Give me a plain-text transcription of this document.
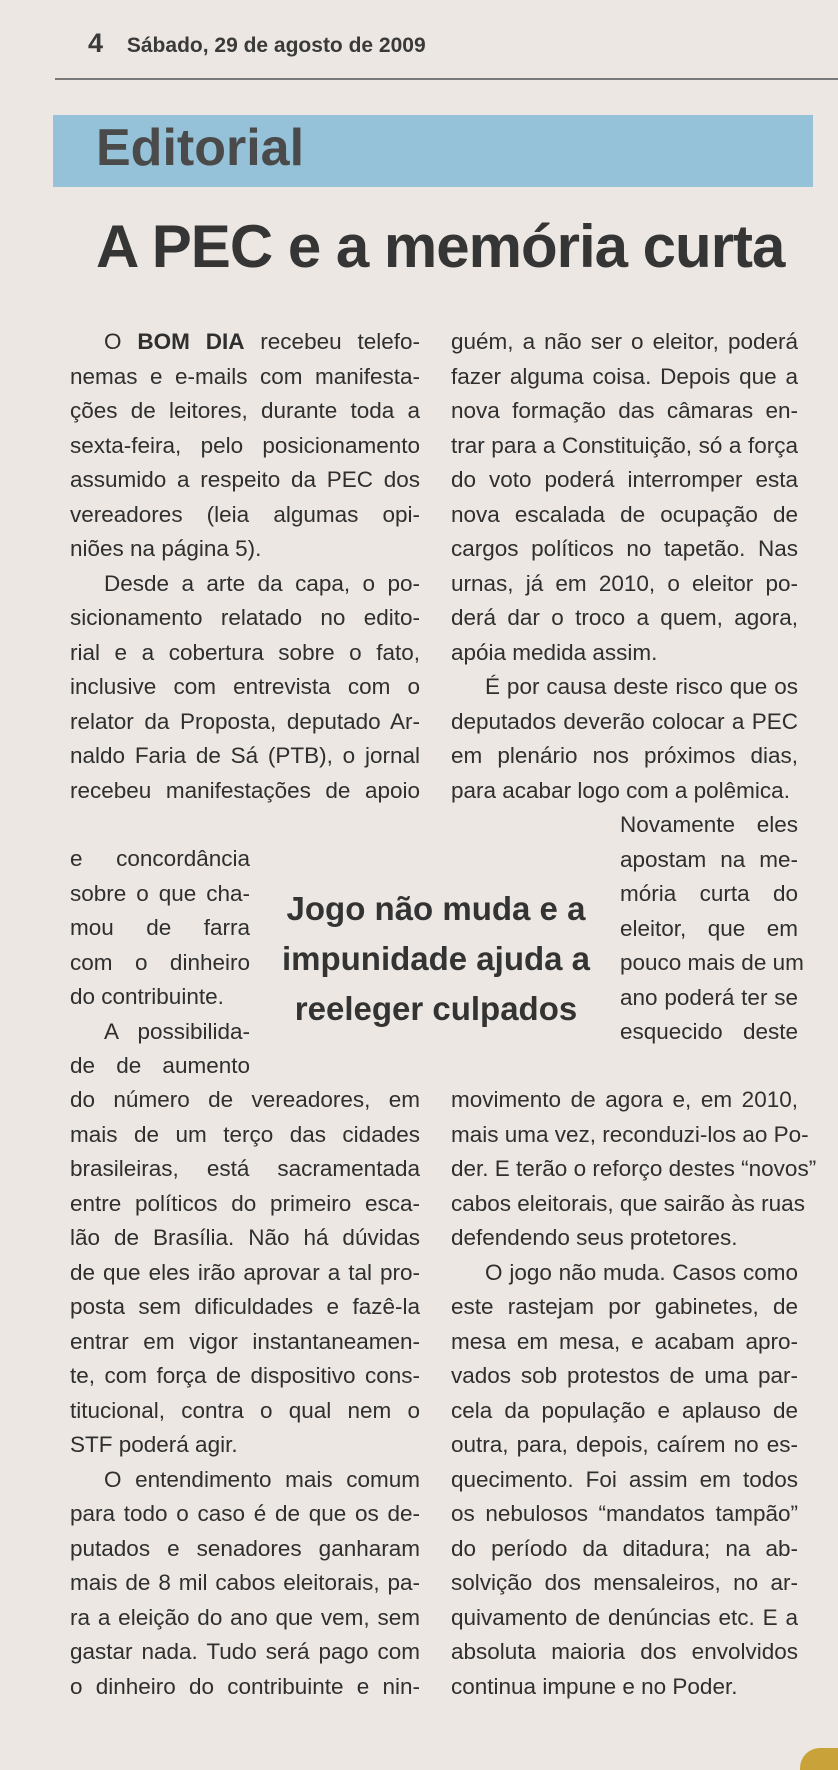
4 Sábado, 29 de agosto de 2009
Editorial
A PEC e a memória curta
O BOM DIA recebeu telefo-
nemas e e-mails com manifesta-
ções de leitores, durante toda a
sexta-feira, pelo posicionamento
assumido a respeito da PEC dos
vereadores (leia algumas opi-
niões na página 5).
Desde a arte da capa, o po-
sicionamento relatado no edito-
rial e a cobertura sobre o fato,
inclusive com entrevista com o
relator da Proposta, deputado Ar-
naldo Faria de Sá (PTB), o jornal
recebeu manifestações de apoio
e concordância
sobre o que cha-
mou de farra
com o dinheiro
do contribuinte.
A possibilida-
de de aumento
do número de vereadores, em
mais de um terço das cidades
brasileiras, está sacramentada
entre políticos do primeiro esca-
lão de Brasília. Não há dúvidas
de que eles irão aprovar a tal pro-
posta sem dificuldades e fazê-la
entrar em vigor instantaneamen-
te, com força de dispositivo cons-
titucional, contra o qual nem o
STF poderá agir.
O entendimento mais comum
para todo o caso é de que os de-
putados e senadores ganharam
mais de 8 mil cabos eleitorais, pa-
ra a eleição do ano que vem, sem
gastar nada. Tudo será pago com
o dinheiro do contribuinte e nin-
guém, a não ser o eleitor, poderá
fazer alguma coisa. Depois que a
nova formação das câmaras en-
trar para a Constituição, só a força
do voto poderá interromper esta
nova escalada de ocupação de
cargos políticos no tapetão. Nas
urnas, já em 2010, o eleitor po-
derá dar o troco a quem, agora,
apóia medida assim.
É por causa deste risco que os
deputados deverão colocar a PEC
em plenário nos próximos dias,
para acabar logo com a polêmica.
Novamente eles
apostam na me-
mória curta do
eleitor, que em
pouco mais de um
ano poderá ter se
esquecido deste
movimento de agora e, em 2010,
mais uma vez, reconduzi-los ao Po-
der. E terão o reforço destes “novos”
cabos eleitorais, que sairão às ruas
defendendo seus protetores.
O jogo não muda. Casos como
este rastejam por gabinetes, de
mesa em mesa, e acabam apro-
vados sob protestos de uma par-
cela da população e aplauso de
outra, para, depois, caírem no es-
quecimento. Foi assim em todos
os nebulosos “mandatos tampão”
do período da ditadura; na ab-
solvição dos mensaleiros, no ar-
quivamento de denúncias etc. E a
absoluta maioria dos envolvidos
continua impune e no Poder.
Jogo não muda e a
impunidade ajuda a
reeleger culpados
